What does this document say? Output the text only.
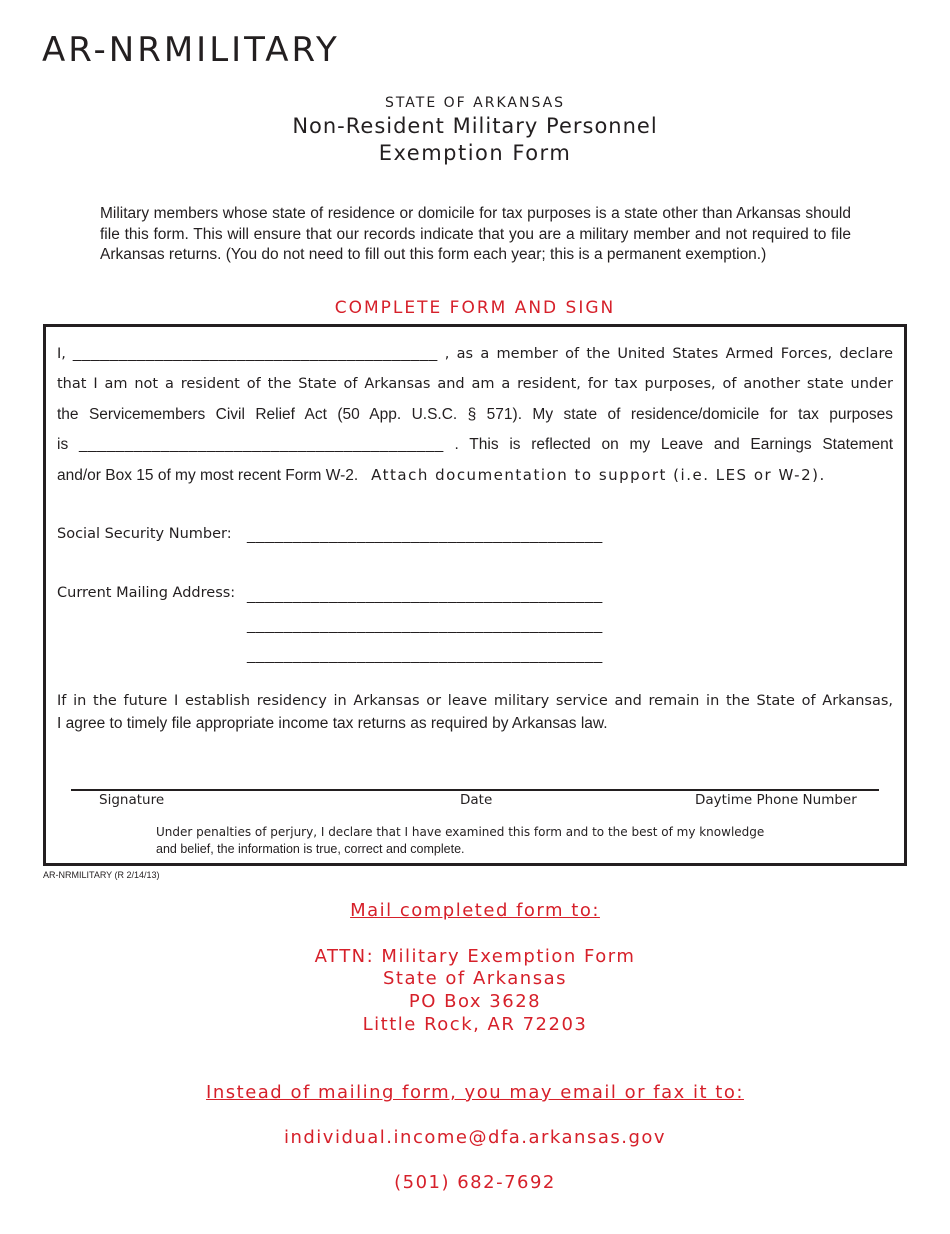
AR-NRMILITARY
STATE OF ARKANSAS
Non-Resident Military Personnel
Exemption Form
Military members whose state of residence or domicile for tax purposes is a state other than Arkansas should file this form. This will ensure that our records indicate that you are a military member and not required to file Arkansas returns. (You do not need to fill out this form each year; this is a permanent exemption.)
COMPLETE FORM AND SIGN
I, ________________________________________ , as a member of the United States Armed Forces, declare
that I am not a resident of the State of Arkansas and am a resident, for tax purposes, of another state under
the Servicemembers Civil Relief Act (50 App. U.S.C. § 571). My state of residence/domicile for tax purposes
is ________________________________________ . This is reflected on my Leave and Earnings Statement
and/or Box 15 of my most recent Form W-2. Attach documentation to support (i.e. LES or W-2).
Social Security Number: _______________________________________
Current Mailing Address: _______________________________________
_______________________________________
_______________________________________
If in the future I establish residency in Arkansas or leave military service and remain in the State of Arkansas,
I agree to timely file appropriate income tax returns as required by Arkansas law.
Signature	Date	Daytime Phone Number
Under penalties of perjury, I declare that I have examined this form and to the best of my knowledge
and belief, the information is true, correct and complete.
AR-NRMILITARY (R 2/14/13)
Mail completed form to:
ATTN: Military Exemption Form
State of Arkansas
PO Box 3628
Little Rock, AR 72203
Instead of mailing form, you may email or fax it to:
individual.income@dfa.arkansas.gov
(501) 682-7692
